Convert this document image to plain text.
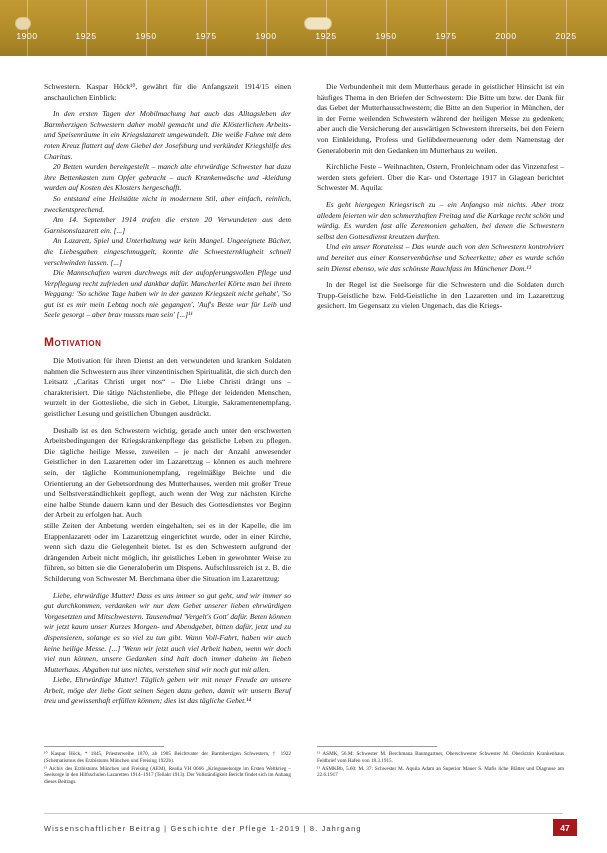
1900	1925	1950	1975	1900	1925	1950	1975	2000	2025

Schwestern. Kaspar Höck¹⁰, gewährt für die Anfangszeit 1914/15 einen anschaulichen Einblick:

In den ersten Tagen der Mobilmachung hat auch das Alltagsleben der Barmherzigen Schwestern daher mobil gemacht und die Klösterlichen Arbeits- und Speisenräume in ein Kriegslazarett umgewandelt. Die weiße Fahne mit dem roten Kreuz flattert auf dem Giebel der Josefsburg und verkündet Kriegshilfe des Charitas.

20 Betten wurden bereitgestellt – manch alte ehrwürdige Schwester hat dazu ihre Bettenkasten zum Opfer gebracht – auch Krankenwäsche und -kleidung wurden auf Kosten des Klosters hergeschafft.

So entstand eine Heilstätte nicht in modernem Stil, aber einfach, reinlich, zweckentsprechend.

Am 14. September 1914 trafen die ersten 20 Verwundeten aus dem Garnisonslazarett ein. [...]

An Lazarett, Spiel und Unterhaltung war kein Mangel. Ungeeignete Bücher, die Liebesgaben eingeschmuggelt, konnte die Schwesternklugheit schnell verschwinden lassen. [...]

Die Mannschaften waren durchwegs mit der aufopferungsvollen Pflege und Verpflegung recht zufrieden und dankbar dafür. Mancherlei Körte man bei ihrem Weggang: 'So schöne Tage haben wir in der ganzen Kriegszeit nicht gehabt', 'So gut ist es mir mein Lebtag noch nie gegangen', 'Auf's Beste war für Leib und Seele gesorgt – aber brav mussts man sein' [...]¹¹

Motivation

Die Motivation für ihren Dienst an den verwundeten und kranken Soldaten nahmen die Schwestern aus ihrer vinzentinischen Spiritualität, die sich durch den Leitsatz „Caritas Christi urget nos“ – Die Liebe Christi drängt uns – charakterisiert. Die tätige Nächstenliebe, die Pflege der leidenden Menschen, wurzelt in der Gottesliebe, die sich in Gebet, Liturgie, Sakramentenempfang, geistlicher Lesung und geistlichen Übungen ausdrückt.

Deshalb ist es den Schwestern wichtig, gerade auch unter den erschwerten Arbeitsbedingungen der Kriegskrankenpflege das geistliche Leben zu pflegen. Die tägliche heilige Messe, zuweilen – je nach der Anzahl anwesender Geistlicher in den Lazaretten oder im Lazarettzug – können es auch mehrere sein, der tägliche Kommunionempfang, regelmäßige Beichte und die Orientierung an der Gebetsordnung des Mutterhauses, werden mit großer Treue und Selbstverständlichkeit gepflegt, auch wenn der Weg zur nächsten Kirche eine halbe Stunde dauern kann und der Besuch des Gottesdienstes vor Beginn der Arbeit zu erfolgen hat. Auch

stille Zeiten der Anbetung werden eingehalten, sei es in der Kapelle, die im Etappenlazarett oder im Lazarettzug eingerichtet wurde, oder in einer Kirche, wenn sich dazu die Gelegenheit bietet. Ist es den Schwestern aufgrund der drängenden Arbeit nicht möglich, ihr geistliches Leben in gewohnter Weise zu führen, so bitten sie die Generaloberin um Dispens. Aufschlussreich ist z. B. die Schilderung von Schwester M. Berchmana über die Situation im Lazarettzug:

Liebe, ehrwürdige Mutter! Dass es uns immer so gut geht, und wir immer so gut durchkommen, verdanken wir nur dem Gebet unserer lieben ehrwürdigen Vorgesetzten und Mitschwestern. Tausendmal 'Vergelt's Gott' dafür. Beten können wir jetzt kaum unser Kurzes Morgen- und Abendgebet, bitten dafür, jetzt und zu dispensieren, solange es so viel zu tun gibt. Wann Voll-Fahrt, haben wir auch keine heilige Messe. [...] 'Wenn wir jetzt auch viel Arbeit haben, wenn wir doch viel nun können, unsere Gedanken sind halt doch immer daheim im lieben Mutterhaus. Abgaben tut uns nichts, verstehen sind wir noch gut mit allen.

Liebe, Ehrwürdige Mutter! Täglich geben wir mit neuer Freude an unsere Arbeit, möge der liebe Gott seinen Segen dazu geben, damit wir unsern Beruf treu und gewissenhaft erfüllen können; dies ist das tägliche Gebet.¹⁴

Die Verbundenheit mit dem Mutterhaus gerade in geistlicher Hinsicht ist ein häufiges Thema in den Briefen der Schwestern: Die Bitte um bzw. der Dank für das Gebet der Mutterhausschwestern; die Bitte an den Superior in München, der in der Ferne weilenden Schwestern während der heiligen Messe zu gedenken; aber auch die Versicherung der auswärtigen Schwestern ihrerseits, bei den Feiern von Einkleidung, Profess und Gelübdeerneuerung oder dem Namenstag der Generaloberin mit den Gedanken im Mutterhaus zu weilen.

Kirchliche Feste – Weihnachten, Ostern, Fronleichnam oder das Vinzenzfest – werden stets gefeiert. Über die Kar- und Ostertage 1917 in Glagean berichtet Schwester M. Aquila:

Es geht hiergegen Kriegsrisch zu – ein Anfangso mit nichts. Aber trotz alledem feierten wir den schmerzhaften Freitag und die Karkage recht schön und würdig. Es wurden fast alle Zeremonien gehalten, bei denen die Schwestern selbst den Gottesdienst kreutzen durften.

Und ein unser Rorateisst – Das wurde auch von den Schwestern kontrolviert und bereitet aus einer Konservenbüchse und Scheerkette; aber es wurde schön sein Dienst ebenso, wie das schönste Rauchfass im Münchener Dom.¹³

In der Regel ist die Seelsorge für die Schwestern und die Soldaten durch Trupp-Geistliche bzw. Feld-Geistliche in den Lazaretten und im Lazarettzug gesichert. Im Gegensatz zu vielen Ungenach, das die Kriegs-

¹⁰ Kaspar Höck, * 1845, Priesterweihe 1870, ab 1905 Beichtvater der Barmherzigen Schwestern, † 1922 (Schematismus des Erzbistums München und Freising 1922b).

¹¹ Archiv des Erzbistums München und Freising (AEM), Realia VH 0666 „Kriegsseelsorge im Ersten Weltkrieg – Seelsorge in den Hilfsschulen Lazaretten 1914–1917 (Teilakt 1913). Der Vollständigkeit Bericht findet sich im Anhang dieses Beitrags.

¹² ASMK, 56.M: Schwester M. Berchmana Baumgartner, Oberschwester Schwester M. Oberärztin Krankenhaus Feldbrief vom Hafen von 18.3.1915.

¹³ ASMKBb, 5.60: M. 37: Schwester M. Aquila Adam an Superior Mauer S. Mafis liche Blätter und Diagnose am 22.6.1917

Wissenschaftlicher Beitrag | Geschichte der Pflege 1-2019 | 8. Jahrgang	47
